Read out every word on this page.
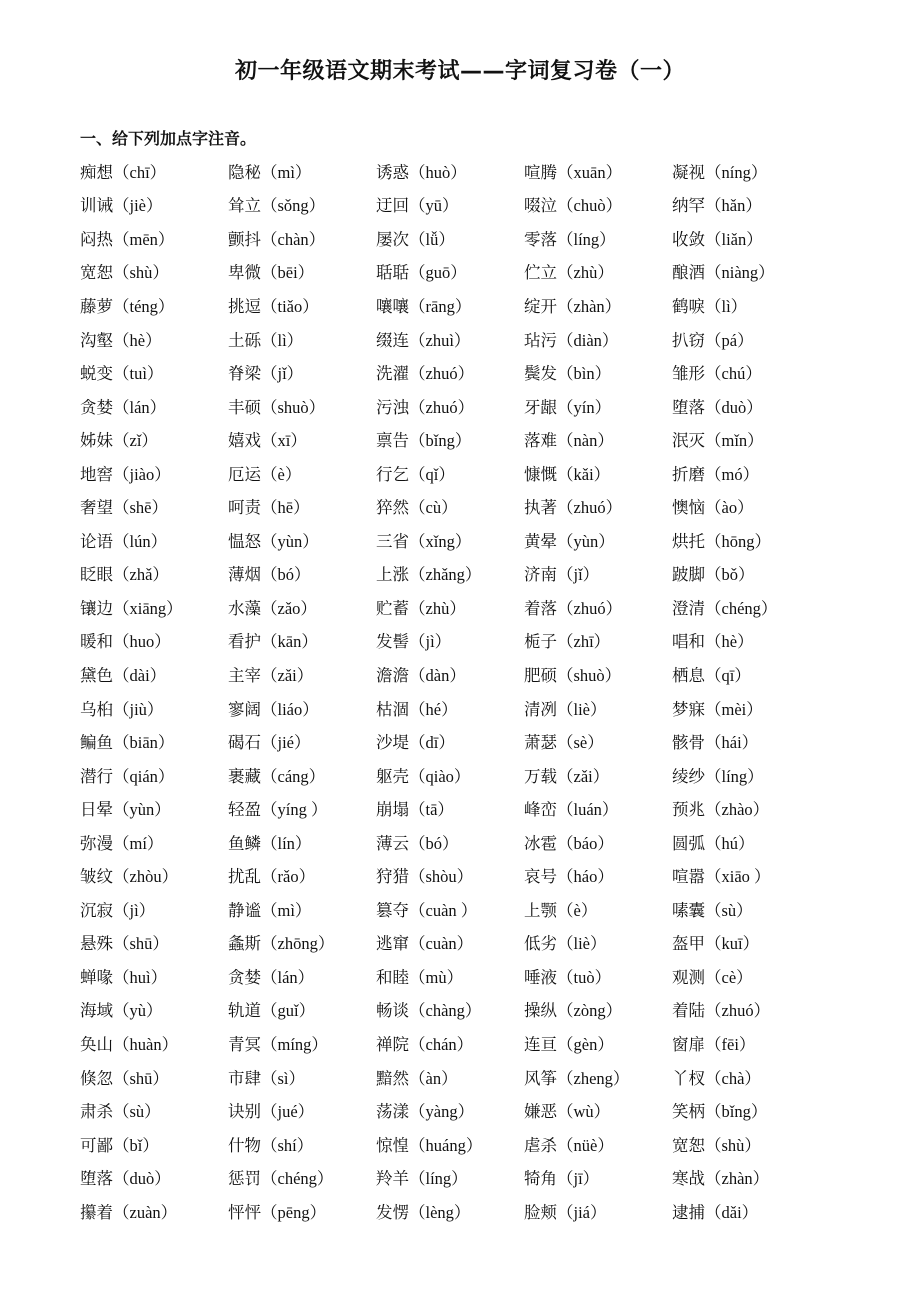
初一年级语文期末考试——字词复习卷（一）
一、给下列加点字注音。
痴想（chī）	隐秘（mì）	诱惑（huò）	喧腾（xuān）	凝视（níng）
训诫（jiè）	耸立（sǒng）	迂回（yū）	啜泣（chuò）	纳罕（hǎn）
闷热（mēn）	颤抖（chàn）	屡次（lǚ）	零落（líng）	收敛（liǎn）
宽恕（shù）	卑微（bēi）	聒聒（guō）	伫立（zhù）	酿酒（niàng）
藤萝（téng）	挑逗（tiǎo）	嚷嚷（rāng）	绽开（zhàn）	鹤唳（lì）
沟壑（hè）	土砾（lì）	缀连（zhuì）	玷污（diàn）	扒窃（pá）
蜕变（tuì）	脊梁（jǐ）	洗濯（zhuó）	鬓发（bìn）	雏形（chú）
贪婪（lán）	丰硕（shuò）	污浊（zhuó）	牙龈（yín）	堕落（duò）
姊妹（zǐ）	嬉戏（xī）	禀告（bǐng）	落难（nàn）	泯灭（mǐn）
地窖（jiào）	厄运（è）	行乞（qǐ）	慷慨（kǎi）	折磨（mó）
奢望（shē）	呵责（hē）	猝然（cù）	执著（zhuó）	懊恼（ào）
论语（lún）	愠怒（yùn）	三省（xǐng）	黄晕（yùn）	烘托（hōng）
眨眼（zhǎ）	薄烟（bó）	上涨（zhǎng）	济南（jǐ）	跛脚（bǒ）
镶边（xiāng）	水藻（zǎo）	贮蓄（zhù）	着落（zhuó）	澄清（chéng）
暖和（huo）	看护（kān）	发髻（jì）	栀子（zhī）	唱和（hè）
黛色（dài）	主宰（zǎi）	澹澹（dàn）	肥硕（shuò）	栖息（qī）
乌桕（jiù）	寥阔（liáo）	枯涸（hé）	清冽（liè）	梦寐（mèi）
鳊鱼（biān）	碣石（jié）	沙堤（dī）	萧瑟（sè）	骸骨（hái）
潜行（qián）	裹藏（cáng）	躯壳（qiào）	万载（zǎi）	绫纱（líng）
日晕（yùn）	轻盈（yíng ）	崩塌（tā）	峰峦（luán）	预兆（zhào）
弥漫（mí）	鱼鳞（lín）	薄云（bó）	冰雹（báo）	圆弧（hú）
皱纹（zhòu）	扰乱（rǎo）	狩猎（shòu）	哀号（háo）	喧嚣（xiāo ）
沉寂（jì）	静谧（mì）	篡夺（cuàn ）	上颚（è）	嗉囊（sù）
悬殊（shū）	螽斯（zhōng）	逃窜（cuàn）	低劣（liè）	盔甲（kuī）
蝉喙（huì）	贪婪（lán）	和睦（mù）	唾液（tuò）	观测（cè）
海域（yù）	轨道（guǐ）	畅谈（chàng）	操纵（zòng）	着陆（zhuó）
奂山（huàn）	青冥（míng）	禅院（chán）	连亘（gèn）	窗扉（fēi）
倏忽（shū）	市肆（sì）	黯然（àn）	风筝（zheng）	丫杈（chà）
肃杀（sù）	诀别（jué）	荡漾（yàng）	嫌恶（wù）	笑柄（bǐng）
可鄙（bǐ）	什物（shí）	惊惶（huáng）	虐杀（nüè）	宽恕（shù）
堕落（duò）	惩罚（chéng）	羚羊（líng）	犄角（jī）	寒战（zhàn）
攥着（zuàn）	怦怦（pēng）	发愣（lèng）	脸颊（jiá）	逮捕（dǎi）
